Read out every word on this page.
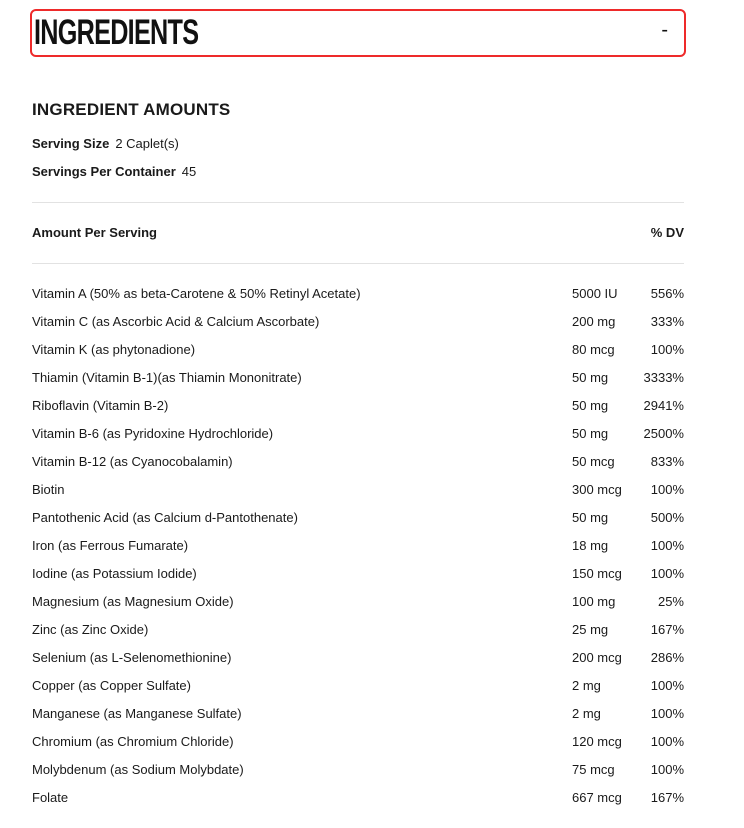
INGREDIENTS	-
INGREDIENT AMOUNTS
Serving Size 2 Caplet(s)
Servings Per Container 45
Amount Per Serving	% DV
Vitamin A (50% as beta-Carotene & 50% Retinyl Acetate)	5000 IU	556%
Vitamin C (as Ascorbic Acid & Calcium Ascorbate)	200 mg	333%
Vitamin K (as phytonadione)	80 mcg	100%
Thiamin (Vitamin B-1)(as Thiamin Mononitrate)	50 mg	3333%
Riboflavin (Vitamin B-2)	50 mg	2941%
Vitamin B-6 (as Pyridoxine Hydrochloride)	50 mg	2500%
Vitamin B-12 (as Cyanocobalamin)	50 mcg	833%
Biotin	300 mcg 100%
Pantothenic Acid (as Calcium d-Pantothenate)	50 mg	500%
Iron (as Ferrous Fumarate)	18 mg	100%
Iodine (as Potassium Iodide)	150 mcg 100%
Magnesium (as Magnesium Oxide)	100 mg	25%
Zinc (as Zinc Oxide)	25 mg	167%
Selenium (as L-Selenomethionine)	200 mcg 286%
Copper (as Copper Sulfate)	2 mg	100%
Manganese (as Manganese Sulfate)	2 mg	100%
Chromium (as Chromium Chloride)	120 mcg 100%
Molybdenum (as Sodium Molybdate)	75 mcg	100%
Folate	667 mcg 167%
